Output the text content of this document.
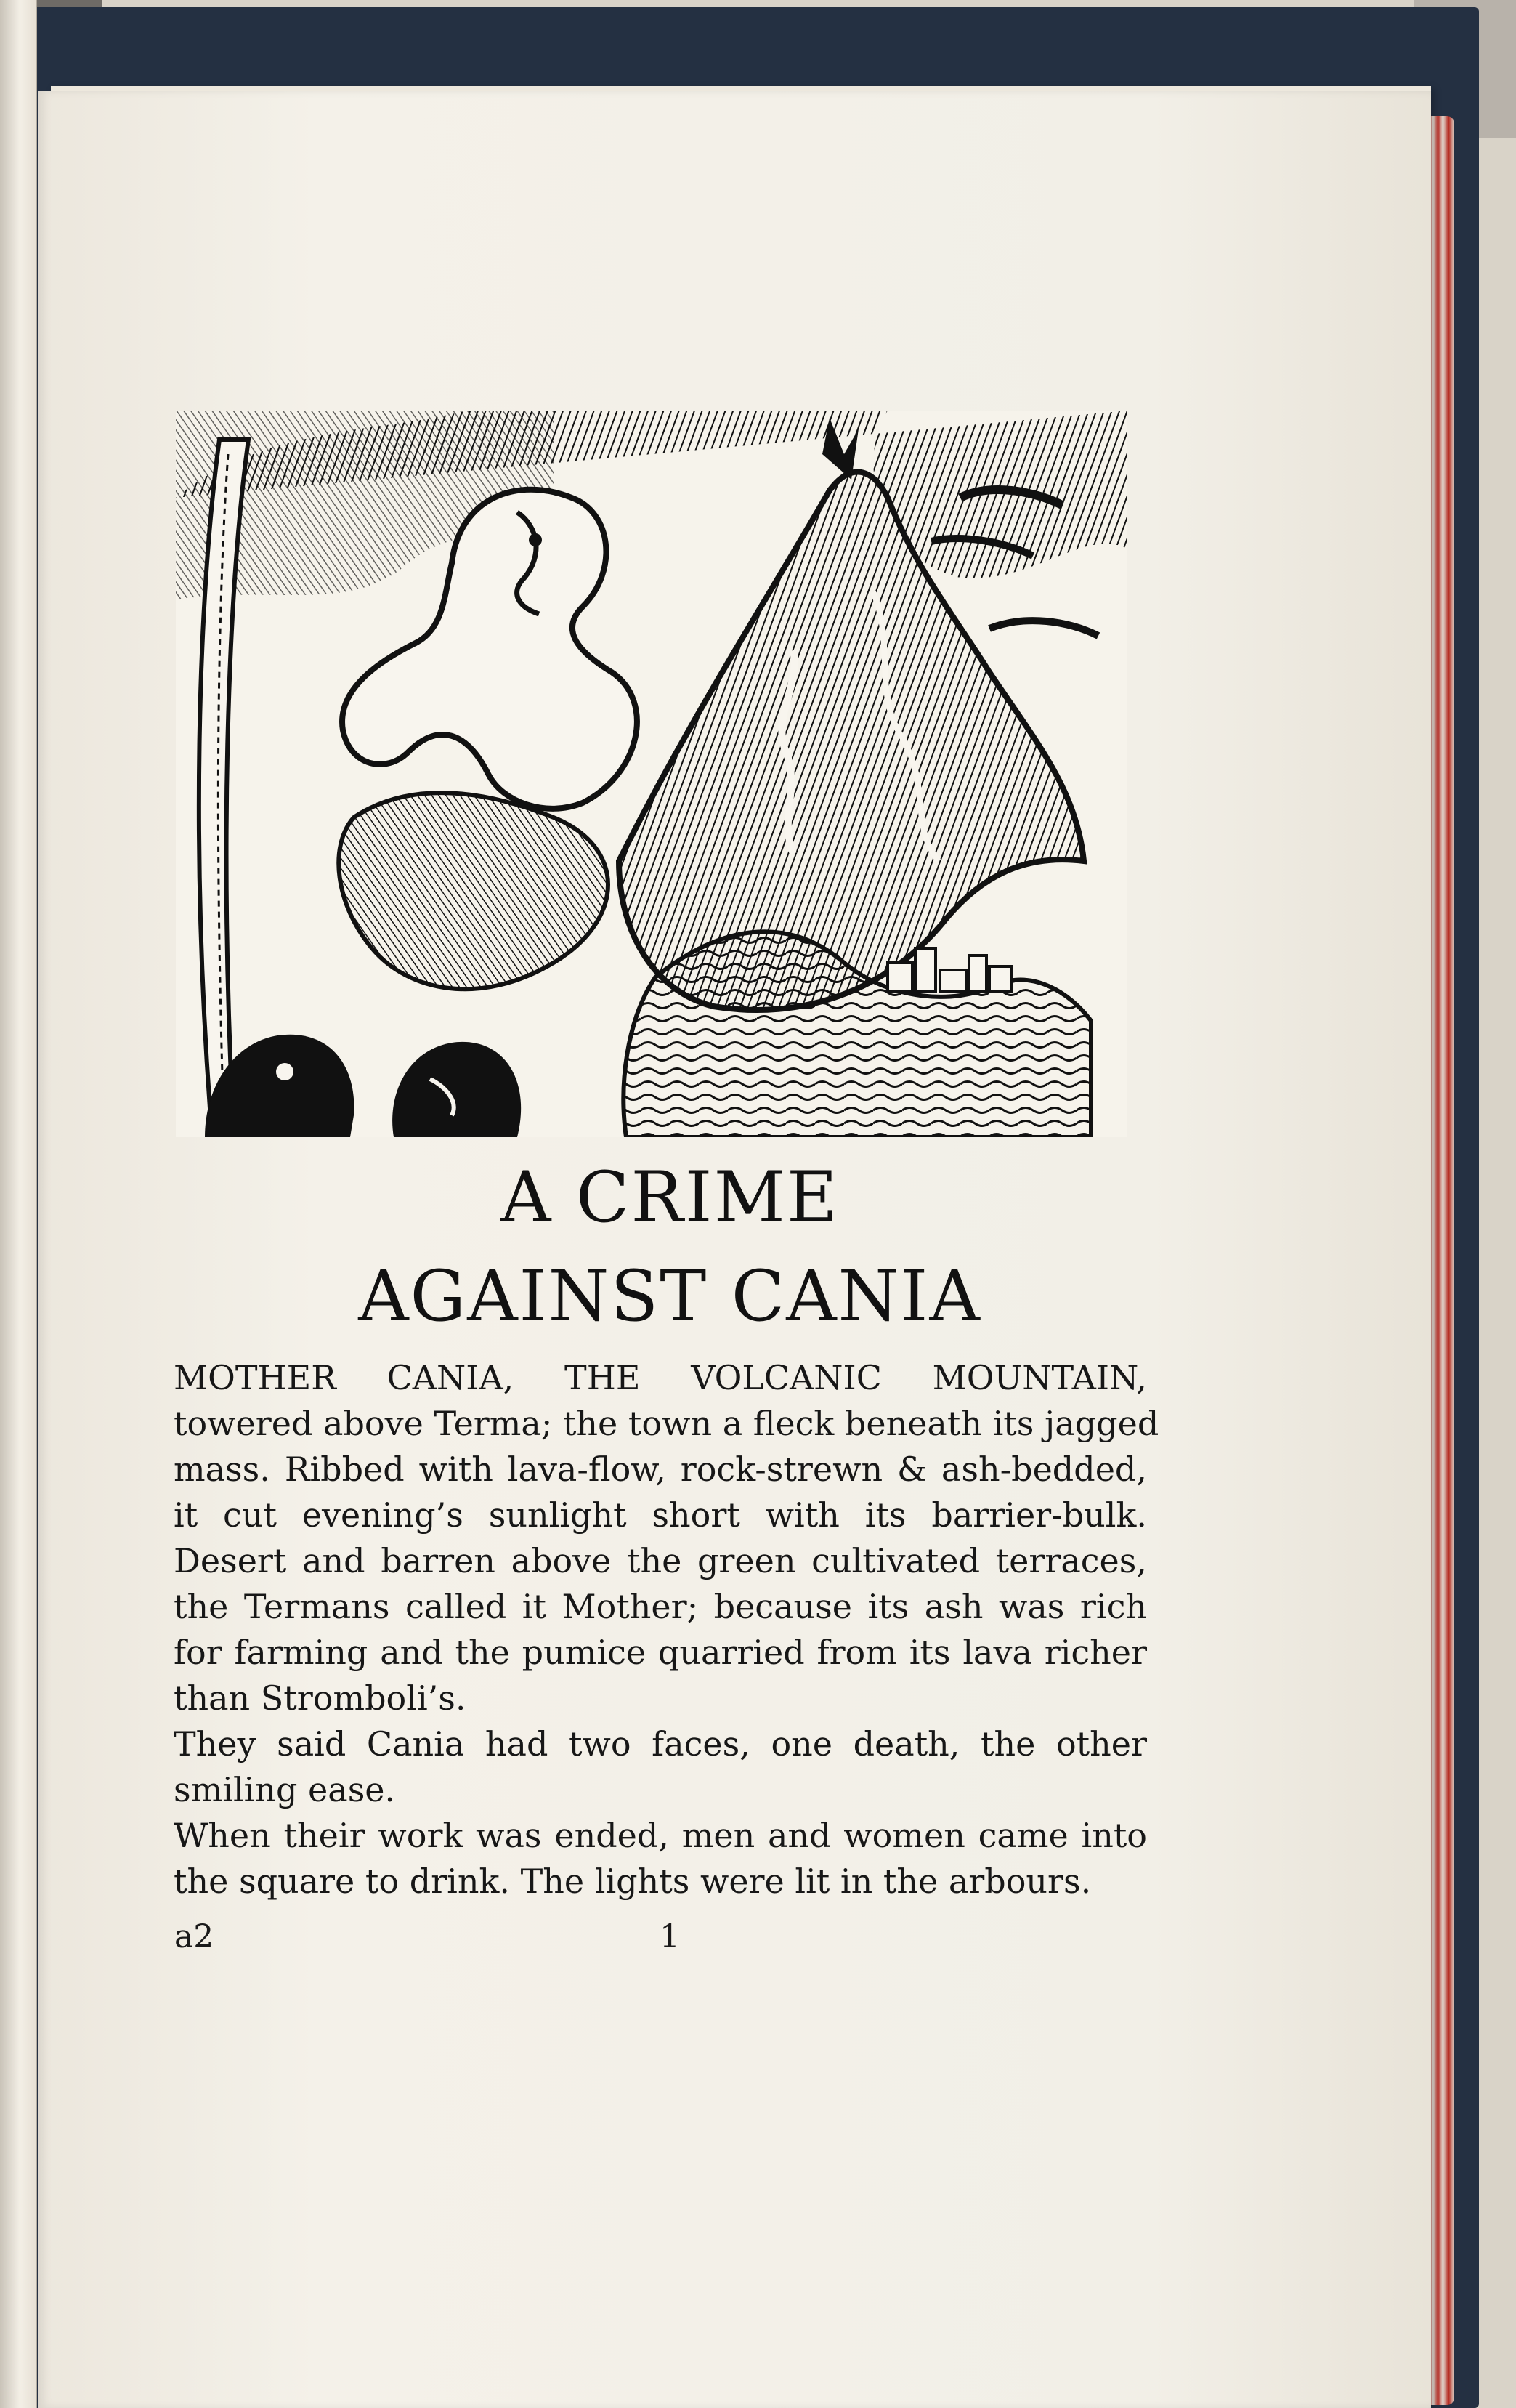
A CRIME
AGAINST CANIA
MOTHER CANIA, THE VOLCANIC MOUNTAIN,
towered above Terma; the town a fleck beneath its jagged
mass. Ribbed with lava-flow, rock-strewn & ash-bedded,
it cut evening’s sunlight short with its barrier-bulk.
Desert and barren above the green cultivated terraces,
the Termans called it Mother; because its ash was rich
for farming and the pumice quarried from its lava richer
than Stromboli’s.
They said Cania had two faces, one death, the other
smiling ease.
When their work was ended, men and women came into
the square to drink. The lights were lit in the arbours.
a2	1
